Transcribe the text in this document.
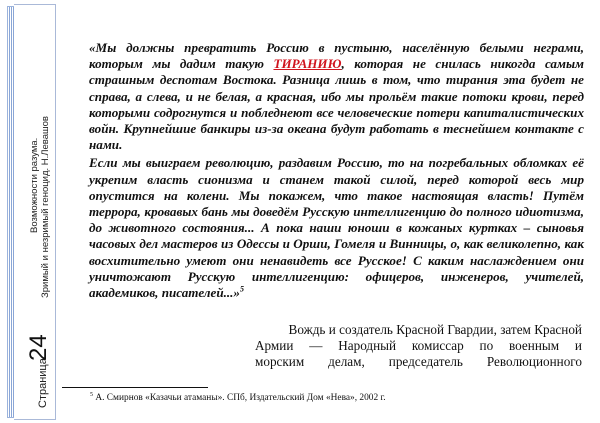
Возможности разума. Зримый и незримый геноцид. Н.Левашов
Страница
24

«Мы должны превратить Россию в пустыню, населённую белыми неграми, которым мы дадим такую ТИРАНИЮ, которая не снилась никогда самым страшным деспотам Востока. Разница лишь в том, что тирания эта будет не справа, а слева, и не белая, а красная, ибо мы прольём такие потоки крови, перед которыми содрогнутся и побледнеют все человеческие потери капиталистических войн. Крупнейшие банкиры из-за океана будут работать в теснейшем контакте с нами.

Если мы выиграем революцию, раздавим Россию, то на погребальных обломках её укрепим власть сионизма и станем такой силой, перед которой весь мир опустится на колени. Мы покажем, что такое настоящая власть! Путём террора, кровавых бань мы доведём Русскую интеллигенцию до полного идиотизма, до животного состояния... А пока наши юноши в кожаных куртках – сыновья часовых дел мастеров из Одессы и Орши, Гомеля и Винницы, о, как великолепно, как восхитительно умеют они ненавидеть все Русское! С каким наслаждением они уничтожают Русскую интеллигенцию: офицеров, инженеров, учителей, академиков, писателей...»$^5$

Вождь и создатель Красной Гвардии, затем Красной
Армии — Народный комиссар по военным и
морским делам, председатель Революционного
$^5$ А. Смирнов «Казачьи атаманы». СПб, Издательский Дом «Нева», 2002 г.
